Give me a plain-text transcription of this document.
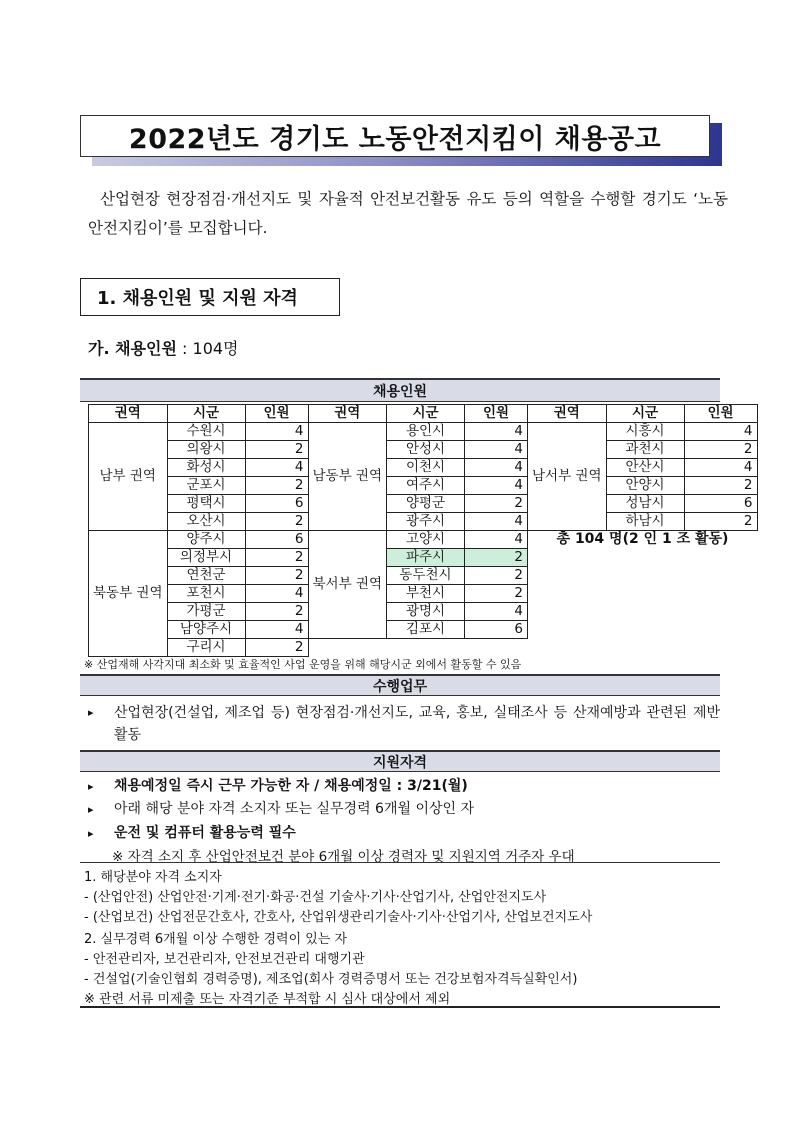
2022년도 경기도 노동안전지킴이 채용공고
산업현장 현장점검·개선지도 및 자율적 안전보건활동 유도 등의 역할을 수행할 경기도 ‘노동안전지킴이’를 모집합니다.
1. 채용인원 및 지원 자격
가. 채용인원 : 104명
채용인원
권역	시군	인원	권역	시군	인원	권역	시군	인원
남부 권역	수원시	4	남동부 권역	용인시	4	남서부 권역	시흥시	4
	의왕시	2		안성시	4		과천시	2
	화성시	4		이천시	4		안산시	4
	군포시	2		여주시	4		안양시	2
	평택시	6		양평군	2		성남시	6
	오산시	2		광주시	4		하남시	2
북동부 권역	양주시	6	북서부 권역	고양시	4	총 104 명(2 인 1 조 활동)		
	의정부시	2		파주시	2			
	연천군	2		동두천시	2			
	포천시	4		부천시	2			
	가평군	2		광명시	4			
	남양주시	4		김포시	6			
	구리시	2						
※ 산업재해 사각지대 최소화 및 효율적인 사업 운영을 위해 해당시군 외에서 활동할 수 있음
수행업무
▸	산업현장(건설업, 제조업 등) 현장점검·개선지도, 교육, 홍보, 실태조사 등 산재예방과 관련된 제반 활동
지원자격
▸ 채용예정일 즉시 근무 가능한 자 / 채용예정일 : 3/21(월)
▸ 아래 해당 분야 자격 소지자 또는 실무경력 6개월 이상인 자
▸ 운전 및 컴퓨터 활용능력 필수
※ 자격 소지 후 산업안전보건 분야 6개월 이상 경력자 및 지원지역 거주자 우대
1. 해당분야 자격 소지자
- (산업안전) 산업안전·기계·전기·화공·건설 기술사·기사·산업기사, 산업안전지도사
- (산업보건) 산업전문간호사, 간호사, 산업위생관리기술사·기사·산업기사, 산업보건지도사
2. 실무경력 6개월 이상 수행한 경력이 있는 자
- 안전관리자, 보건관리자, 안전보건관리 대행기관
- 건설업(기술인협회 경력증명), 제조업(회사 경력증명서 또는 건강보험자격득실확인서)
※ 관련 서류 미제출 또는 자격기준 부적합 시 심사 대상에서 제외
